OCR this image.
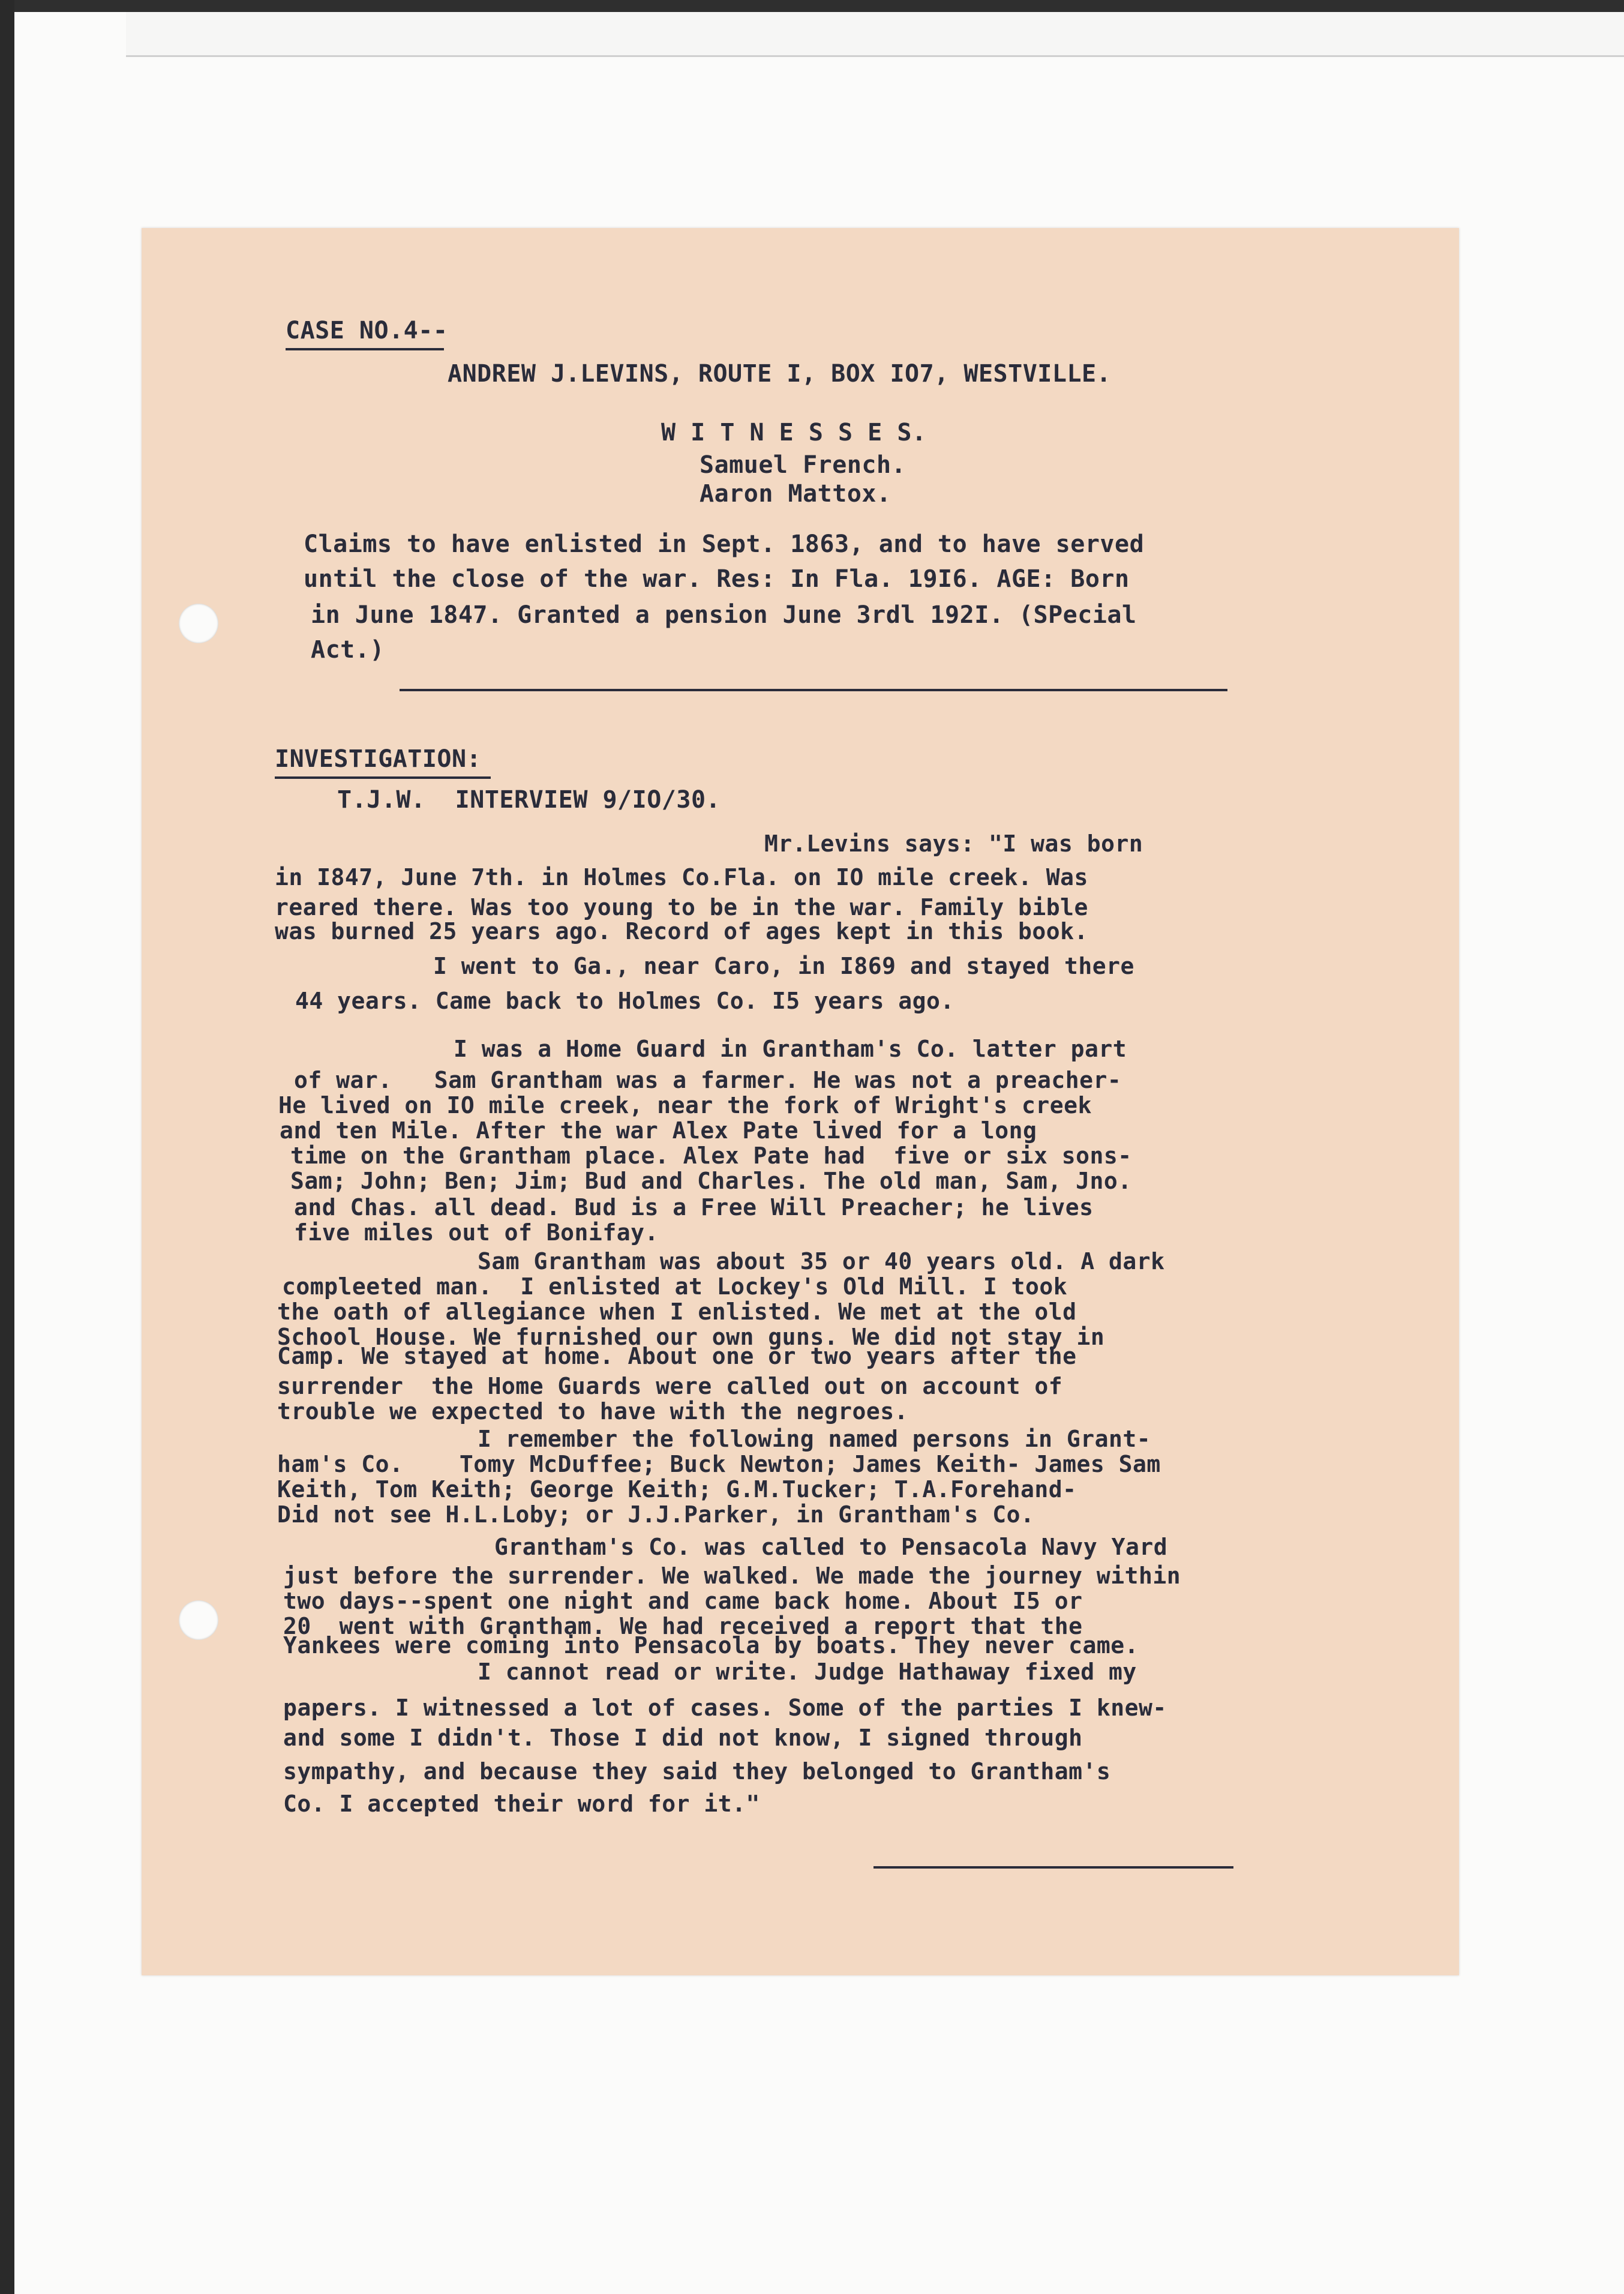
CASE NO.4--
ANDREW J.LEVINS, ROUTE I, BOX IO7, WESTVILLE.
W I T N E S S E S.
Samuel French.
Aaron Mattox.
Claims to have enlisted in Sept. 1863, and to have served
until the close of the war. Res: In Fla. 19I6. AGE: Born
in June 1847. Granted a pension June 3rdl 192I. (SPecial
Act.)
INVESTIGATION:
T.J.W.  INTERVIEW 9/IO/30.
Mr.Levins says: "I was born
in I847, June 7th. in Holmes Co.Fla. on IO mile creek. Was
reared there. Was too young to be in the war. Family bible
was burned 25 years ago. Record of ages kept in this book.
I went to Ga., near Caro, in I869 and stayed there
44 years. Came back to Holmes Co. I5 years ago.
I was a Home Guard in Grantham's Co. latter part
of war.   Sam Grantham was a farmer. He was not a preacher-
He lived on IO mile creek, near the fork of Wright's creek
and ten Mile. After the war Alex Pate lived for a long
time on the Grantham place. Alex Pate had  five or six sons-
Sam; John; Ben; Jim; Bud and Charles. The old man, Sam, Jno.
and Chas. all dead. Bud is a Free Will Preacher; he lives
five miles out of Bonifay.
Sam Grantham was about 35 or 40 years old. A dark
compleeted man.  I enlisted at Lockey's Old Mill. I took
the oath of allegiance when I enlisted. We met at the old
School House. We furnished our own guns. We did not stay in
Camp. We stayed at home. About one or two years after the
surrender  the Home Guards were called out on account of
trouble we expected to have with the negroes.
I remember the following named persons in Grant-
ham's Co.    Tomy McDuffee; Buck Newton; James Keith- James Sam
Keith, Tom Keith; George Keith; G.M.Tucker; T.A.Forehand-
Did not see H.L.Loby; or J.J.Parker, in Grantham's Co.
Grantham's Co. was called to Pensacola Navy Yard
just before the surrender. We walked. We made the journey within
two days--spent one night and came back home. About I5 or
20  went with Grantham. We had received a report that the
Yankees were coming into Pensacola by boats. They never came.
I cannot read or write. Judge Hathaway fixed my
papers. I witnessed a lot of cases. Some of the parties I knew-
and some I didn't. Those I did not know, I signed through
sympathy, and because they said they belonged to Grantham's
Co. I accepted their word for it."
